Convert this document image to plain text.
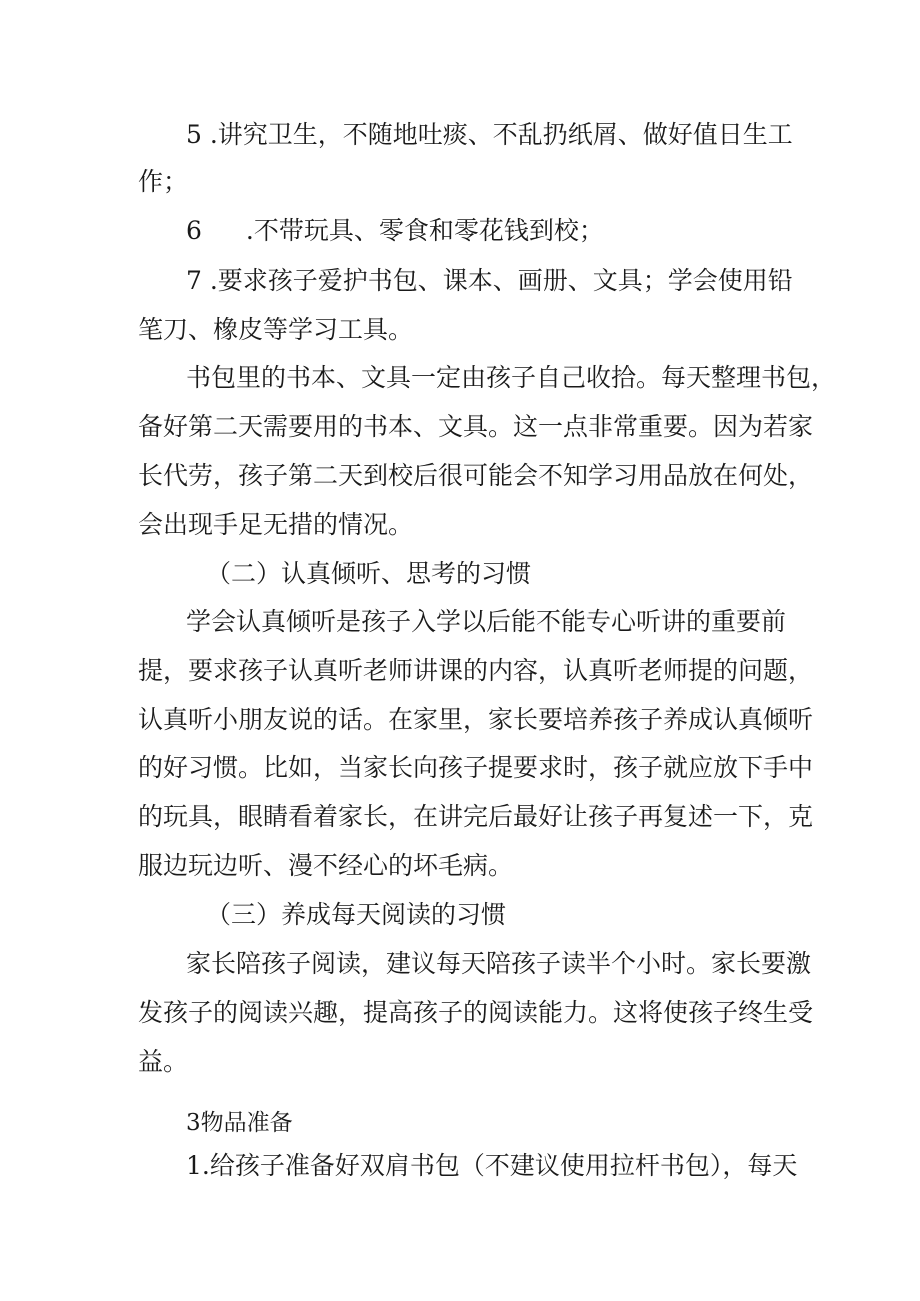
5 .讲究卫生，不随地吐痰、不乱扔纸屑、做好值日生工

作；

6 .不带玩具、零食和零花钱到校；

7 .要求孩子爱护书包、课本、画册、文具；学会使用铅

笔刀、橡皮等学习工具。

书包里的书本、文具一定由孩子自己收拾。每天整理书包，

备好第二天需要用的书本、文具。这一点非常重要。因为若家

长代劳，孩子第二天到校后很可能会不知学习用品放在何处，

会出现手足无措的情况。

（二）认真倾听、思考的习惯

学会认真倾听是孩子入学以后能不能专心听讲的重要前

提，要求孩子认真听老师讲课的内容，认真听老师提的问题，

认真听小朋友说的话。在家里，家长要培养孩子养成认真倾听

的好习惯。比如，当家长向孩子提要求时，孩子就应放下手中

的玩具，眼睛看着家长，在讲完后最好让孩子再复述一下，克

服边玩边听、漫不经心的坏毛病。

（三）养成每天阅读的习惯

家长陪孩子阅读，建议每天陪孩子读半个小时。家长要激

发孩子的阅读兴趣，提高孩子的阅读能力。这将使孩子终生受

益。

3物品准备

1.给孩子准备好双肩书包（不建议使用拉杆书包），每天
